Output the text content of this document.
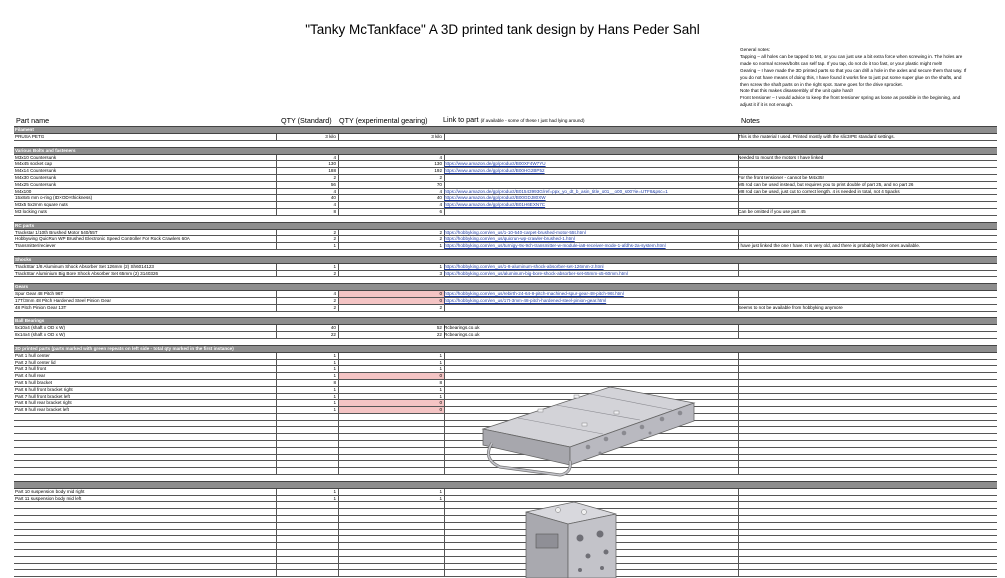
"Tanky McTankface" A 3D printed tank design by Hans Peder Sahl

General notes:

Tapping – all holes can be tapped to M4, or you can just use a bit extra force when screwing in. The holes are

made so normal screws/bolts can self tap. If you tap, do not do it too fast, or your plastic might melt!

Gearing – I have made the 3D printed parts so that you can drill a hole in the axles and secure them that way. If

you do not have means of doing this, I have found it works fine to just put some super glue on the shafts, and

then screw the shaft parts on in the right spot. Same goes for the drive sprocket.

Note that this makes disassembly of the unit quite hard!

Front tensioner – I would advice to keep the front tensioner spring as loose as possible in the beginning, and

adjust it if it is not enough.

Part name	QTY (Standard) QTY (experimental gearing) Link to part (if available - some of these I just had lying around)	Notes
Filament
PRUSA PETG	3 kilo	3 kilo	This is the material I used. Printed mostly with the slic3rPE standard settings.
Various Bolts and fasteners
M3x10 Countersunk	4	4	Needed to mount the motors I have linked
M4x45 socket cap	130	130 https://www.amazon.de/gp/product/B00XF4W7YU
M4x14 Countersunk	188	192 https://www.amazon.de/gp/product/B00HG2BP52
M4x30 Countersunk	2	2	For the front tensioner - cannot be M4x35!
M4x25 Countersunk	56	70	M5 rod can be used instead, but requires you to print double of part 25, and no part 26
M4x100	4	4 https://www.amazon.de/gp/product/B01543993G/ref=ppx_yo_dt_b_asin_title_o01__o00_s00?ie=UTF8&psc=1	M8 rod can be used, just cut to correct length. 4 is needed in total, not 4 5packs
15x8x5 mm o-ring (ID×OD×thickness)	40	40 https://www.amazon.de/gp/product/B00GDJ80XW
M3x5 5x2mm square nuts	4	4 https://www.amazon.de/gp/product/B01H6EXN7C
M3 locking nuts	8	6	Can be omitted if you use part 45
RC parts
Trackstar 1/10th Brushed Motor 540/55T	2	2 https://hobbyking.com/en_us/1-10-540-carpet-brushed-motor-55t.html
Hobbywing QuicRun WP Brushed Electronic Speed Controller For Rock Crawlers 60A	2	2 https://hobbyking.com/en_us/quicrun-wp-crawler-brushed-1.html
Transmitter/reciever	1	1 https://hobbyking.com/en_us/turnigy-9x-9ch-transmitter-w-module-ia8-receiver-mode-1-afdhs-2a-system.html	I have just linked the one I have. It is very old, and there is probably better ones available.
Shocks
TrackStar 1/8 Aluminum Shock Absorber Set 126mm (2) Sh6014123	1	1 https://hobbyking.com/en_us/1-8-aluminum-shock-absorber-set-126mm-2.html
TrackStar Aluminium Big Bore Shock Absorber Set 65mm (2) 3140326	2	3 https://hobbyking.com/en_us/aluminum-big-bore-shock-absorber-set-65mm-x5-60mm.html
Gears
Spur Gear 48 Pitch 96T	4	0 https://hobbyking.com/en_us/rebirth-24-64-8-pitch-machined-spur-gear-48-pitch-96t.html
17T/3mm 48 Pitch Hardened Steel Pinion Gear	2	0 https://hobbyking.com/en_us/17t-3mm-48-pitch-hardened-steel-pinion-gear.html
48 Pitch Pinion Gear 13T	2	2	Seems to not be available from hobbyking anymore
Ball Bearings
5x10x4 (shaft x OD x W)	40	52 Rcbearings.co.uk
8x14x4 (shaft x OD x W)	22	22 Rcbearings.co.uk
3D printed parts (parts marked with green repeats on left side - total qty marked in the first instance)
Part 1 hull center	1	1
Part 2 hull center lid	1	1
Part 3 hull front	1	1
Part 4 hull rear	1	0
Part 5 hull bracket	8	8
Part 6 hull front bracket right	1	1
Part 7 hull front bracket left	1	1
Part 8 hull rear bracket right	1	0
Part 9 hull rear bracket left	1	0
Part 10 suspension body mid right	1	1
Part 11 suspension body mid left	1	1
